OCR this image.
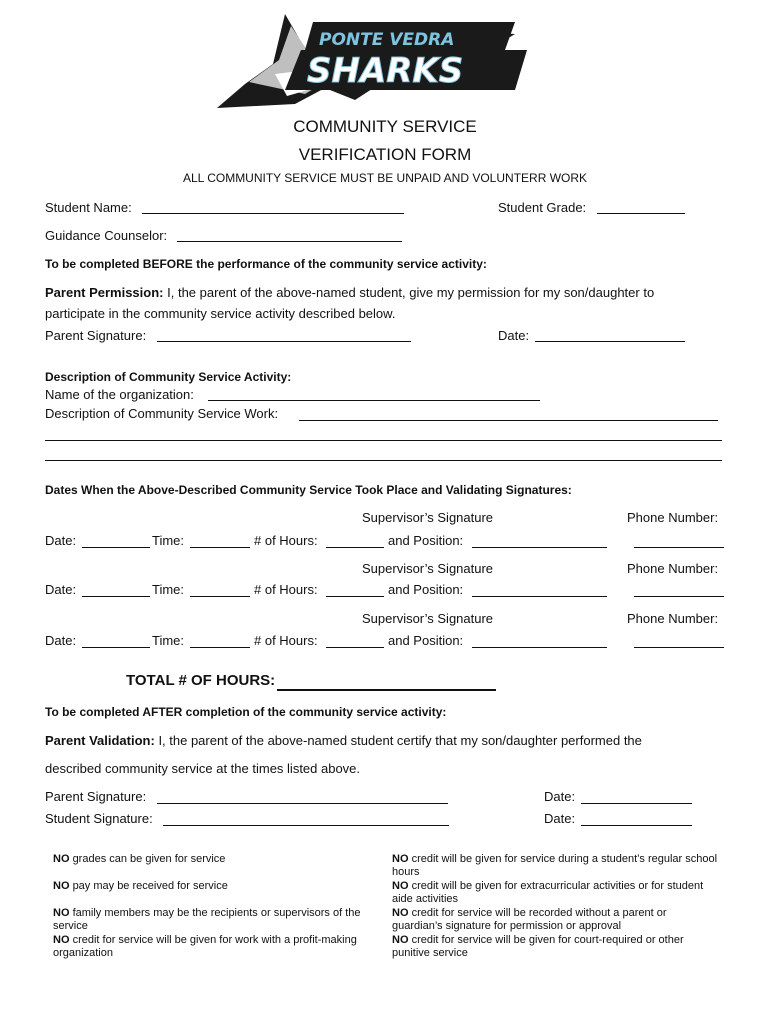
PONTE VEDRA
SHARKS
COMMUNITY SERVICE
VERIFICATION FORM
ALL COMMUNITY SERVICE MUST BE UNPAID AND VOLUNTERR WORK
Student Name:	Student Grade:
Guidance Counselor:
To be completed BEFORE the performance of the community service activity:
Parent Permission: I, the parent of the above-named student, give my permission for my son/daughter to
participate in the community service activity described below.
Parent Signature:	Date:
Description of Community Service Activity:
Name of the organization:
Description of Community Service Work:
Dates When the Above-Described Community Service Took Place and Validating Signatures:
Supervisor’s Signature	Phone Number:
Date:	Time:	# of Hours:	and Position:
Supervisor’s Signature	Phone Number:
Date:	Time:	# of Hours:	and Position:
Supervisor’s Signature	Phone Number:
Date:	Time:	# of Hours:	and Position:
TOTAL # OF HOURS:
To be completed AFTER completion of the community service activity:
Parent Validation: I, the parent of the above-named student certify that my son/daughter performed the
described community service at the times listed above.
Parent Signature:	Date:
Student Signature:	Date:
NO grades can be given for service
NO pay may be received for service
NO family members may be the recipients or supervisors of the service
NO credit for service will be given for work with a profit-making organization
NO credit will be given for service during a student’s regular school hours
NO credit will be given for extracurricular activities or for student aide activities
NO credit for service will be recorded without a parent or guardian’s signature for permission or approval
NO credit for service will be given for court-required or other punitive service
